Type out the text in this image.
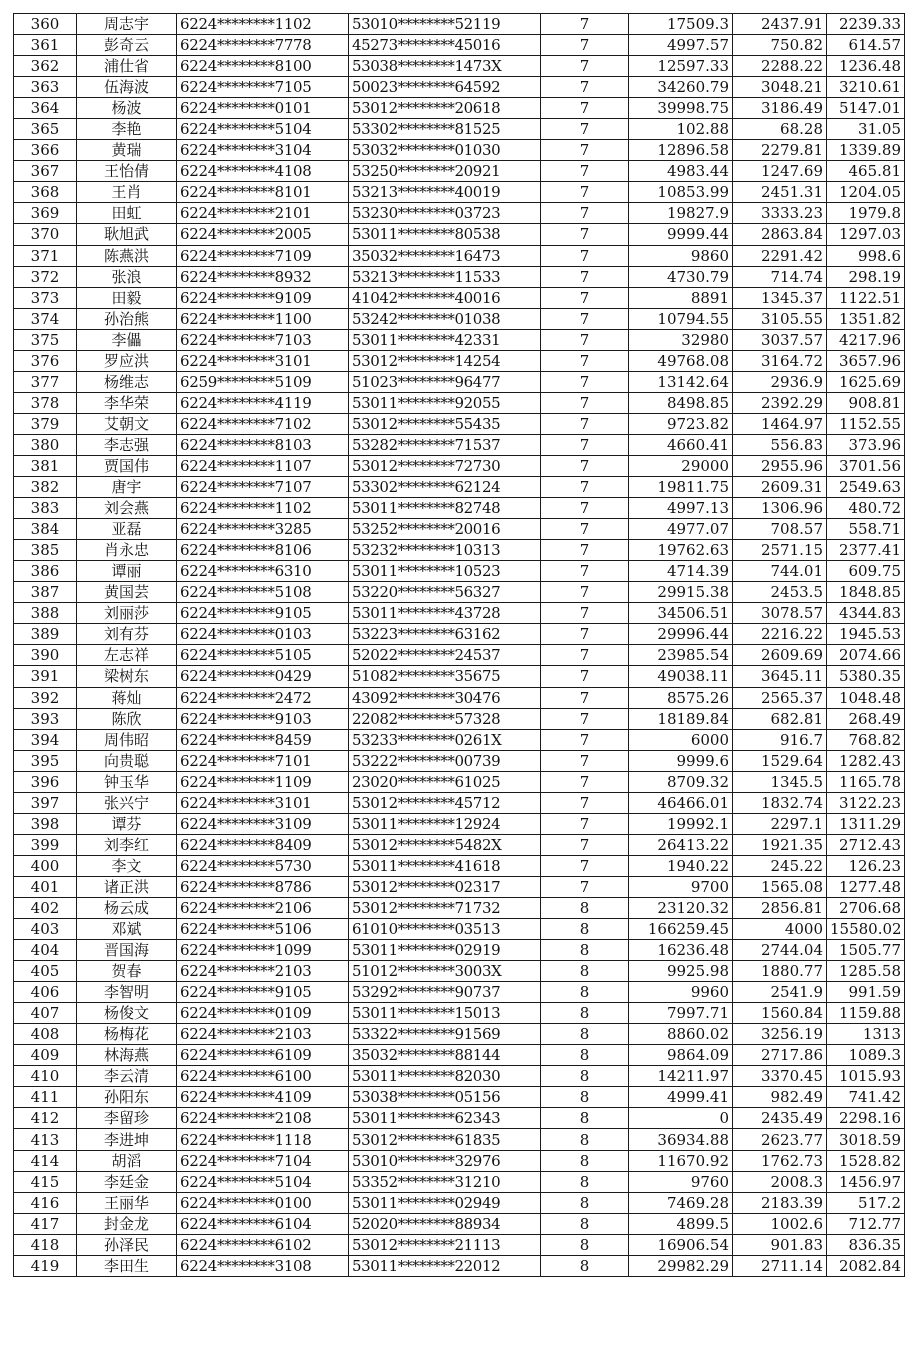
360	周志宇	6224********1102	53010********52119	7	17509.3	2437.91	2239.33
361	彭奇云	6224********7778	45273********45016	7	4997.57	750.82	614.57
362	浦仕省	6224********8100	53038********1473X	7	12597.33	2288.22	1236.48
363	伍海波	6224********7105	50023********64592	7	34260.79	3048.21	3210.61
364	杨波	6224********0101	53012********20618	7	39998.75	3186.49	5147.01
365	李艳	6224********5104	53302********81525	7	102.88	68.28	31.05
366	黄瑞	6224********3104	53032********01030	7	12896.58	2279.81	1339.89
367	王怡倩	6224********4108	53250********20921	7	4983.44	1247.69	465.81
368	王肖	6224********8101	53213********40019	7	10853.99	2451.31	1204.05
369	田虹	6224********2101	53230********03723	7	19827.9	3333.23	1979.8
370	耿旭武	6224********2005	53011********80538	7	9999.44	2863.84	1297.03
371	陈燕洪	6224********7109	35032********16473	7	9860	2291.42	998.6
372	张浪	6224********8932	53213********11533	7	4730.79	714.74	298.19
373	田毅	6224********9109	41042********40016	7	8891	1345.37	1122.51
374	孙治熊	6224********1100	53242********01038	7	10794.55	3105.55	1351.82
375	李儡	6224********7103	53011********42331	7	32980	3037.57	4217.96
376	罗应洪	6224********3101	53012********14254	7	49768.08	3164.72	3657.96
377	杨维志	6259********5109	51023********96477	7	13142.64	2936.9	1625.69
378	李华荣	6224********4119	53011********92055	7	8498.85	2392.29	908.81
379	艾朝文	6224********7102	53012********55435	7	9723.82	1464.97	1152.55
380	李志强	6224********8103	53282********71537	7	4660.41	556.83	373.96
381	贾国伟	6224********1107	53012********72730	7	29000	2955.96	3701.56
382	唐宇	6224********7107	53302********62124	7	19811.75	2609.31	2549.63
383	刘会燕	6224********1102	53011********82748	7	4997.13	1306.96	480.72
384	亚磊	6224********3285	53252********20016	7	4977.07	708.57	558.71
385	肖永忠	6224********8106	53232********10313	7	19762.63	2571.15	2377.41
386	谭丽	6224********6310	53011********10523	7	4714.39	744.01	609.75
387	黄国芸	6224********5108	53220********56327	7	29915.38	2453.5	1848.85
388	刘丽莎	6224********9105	53011********43728	7	34506.51	3078.57	4344.83
389	刘有芬	6224********0103	53223********63162	7	29996.44	2216.22	1945.53
390	左志祥	6224********5105	52022********24537	7	23985.54	2609.69	2074.66
391	梁树东	6224********0429	51082********35675	7	49038.11	3645.11	5380.35
392	蒋灿	6224********2472	43092********30476	7	8575.26	2565.37	1048.48
393	陈欣	6224********9103	22082********57328	7	18189.84	682.81	268.49
394	周伟昭	6224********8459	53233********0261X	7	6000	916.7	768.82
395	向贵聪	6224********7101	53222********00739	7	9999.6	1529.64	1282.43
396	钟玉华	6224********1109	23020********61025	7	8709.32	1345.5	1165.78
397	张兴宁	6224********3101	53012********45712	7	46466.01	1832.74	3122.23
398	谭芬	6224********3109	53011********12924	7	19992.1	2297.1	1311.29
399	刘李红	6224********8409	53012********5482X	7	26413.22	1921.35	2712.43
400	李文	6224********5730	53011********41618	7	1940.22	245.22	126.23
401	诸正洪	6224********8786	53012********02317	7	9700	1565.08	1277.48
402	杨云成	6224********2106	53012********71732	8	23120.32	2856.81	2706.68
403	邓斌	6224********5106	61010********03513	8	166259.45	4000	15580.02
404	晋国海	6224********1099	53011********02919	8	16236.48	2744.04	1505.77
405	贺春	6224********2103	51012********3003X	8	9925.98	1880.77	1285.58
406	李智明	6224********9105	53292********90737	8	9960	2541.9	991.59
407	杨俊文	6224********0109	53011********15013	8	7997.71	1560.84	1159.88
408	杨梅花	6224********2103	53322********91569	8	8860.02	3256.19	1313
409	林海燕	6224********6109	35032********88144	8	9864.09	2717.86	1089.3
410	李云清	6224********6100	53011********82030	8	14211.97	3370.45	1015.93
411	孙阳东	6224********4109	53038********05156	8	4999.41	982.49	741.42
412	李留珍	6224********2108	53011********62343	8	0	2435.49	2298.16
413	李进坤	6224********1118	53012********61835	8	36934.88	2623.77	3018.59
414	胡滔	6224********7104	53010********32976	8	11670.92	1762.73	1528.82
415	李廷金	6224********5104	53352********31210	8	9760	2008.3	1456.97
416	王丽华	6224********0100	53011********02949	8	7469.28	2183.39	517.2
417	封金龙	6224********6104	52020********88934	8	4899.5	1002.6	712.77
418	孙泽民	6224********6102	53012********21113	8	16906.54	901.83	836.35
419	李田生	6224********3108	53011********22012	8	29982.29	2711.14	2082.84
